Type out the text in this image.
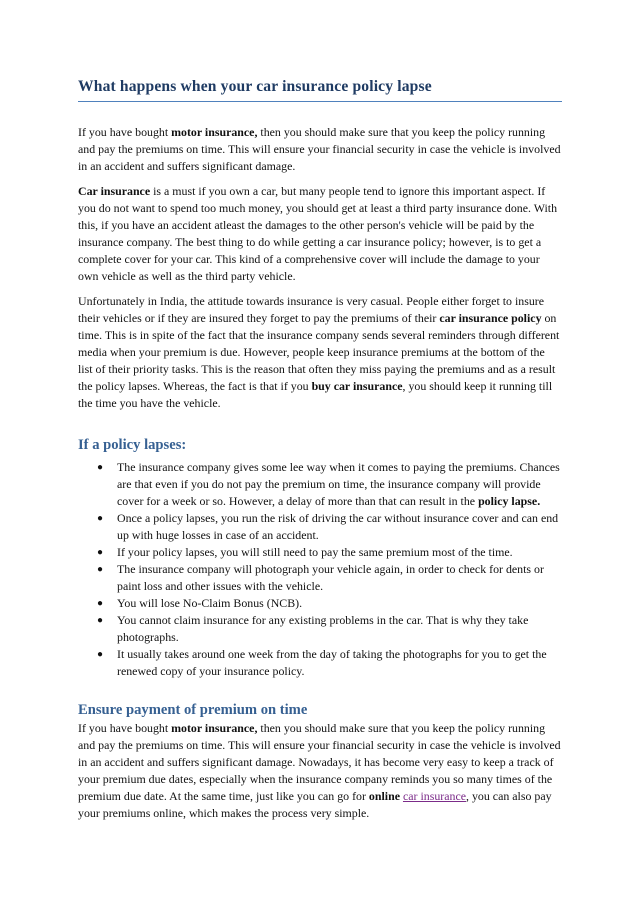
What happens when your car insurance policy lapse

If you have bought motor insurance, then you should make sure that you keep the policy running and pay the premiums on time. This will ensure your financial security in case the vehicle is involved in an accident and suffers significant damage.

Car insurance is a must if you own a car, but many people tend to ignore this important aspect. If you do not want to spend too much money, you should get at least a third party insurance done. With this, if you have an accident atleast the damages to the other person's vehicle will be paid by the insurance company. The best thing to do while getting a car insurance policy; however, is to get a complete cover for your car. This kind of a comprehensive cover will include the damage to your own vehicle as well as the third party vehicle.

Unfortunately in India, the attitude towards insurance is very casual. People either forget to insure their vehicles or if they are insured they forget to pay the premiums of their car insurance policy on time. This is in spite of the fact that the insurance company sends several reminders through different media when your premium is due. However, people keep insurance premiums at the bottom of the list of their priority tasks. This is the reason that often they miss paying the premiums and as a result the policy lapses. Whereas, the fact is that if you buy car insurance, you should keep it running till the time you have the vehicle.

If a policy lapses:
● The insurance company gives some lee way when it comes to paying the premiums. Chances are that even if you do not pay the premium on time, the insurance company will provide cover for a week or so. However, a delay of more than that can result in the policy lapse.
● Once a policy lapses, you run the risk of driving the car without insurance cover and can end up with huge losses in case of an accident.
● If your policy lapses, you will still need to pay the same premium most of the time.
● The insurance company will photograph your vehicle again, in order to check for dents or paint loss and other issues with the vehicle.
● You will lose No-Claim Bonus (NCB).
● You cannot claim insurance for any existing problems in the car. That is why they take photographs.
● It usually takes around one week from the day of taking the photographs for you to get the renewed copy of your insurance policy.
Ensure payment of premium on time

If you have bought motor insurance, then you should make sure that you keep the policy running and pay the premiums on time. This will ensure your financial security in case the vehicle is involved in an accident and suffers significant damage. Nowadays, it has become very easy to keep a track of your premium due dates, especially when the insurance company reminds you so many times of the premium due date. At the same time, just like you can go for online car insurance, you can also pay your premiums online, which makes the process very simple.
